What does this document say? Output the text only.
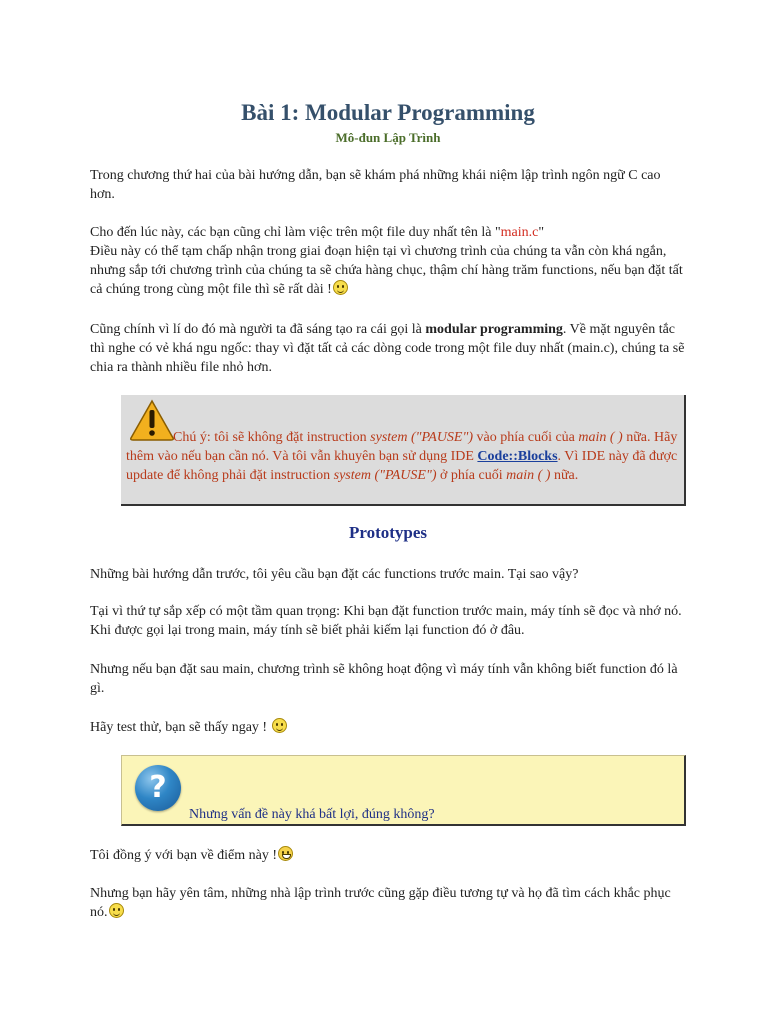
Bài 1: Modular Programming
Mô-đun Lập Trình

Trong chương thứ hai của bài hướng dẫn, bạn sẽ khám phá những khái niệm lập trình ngôn ngữ C cao hơn.

Cho đến lúc này, các bạn cũng chỉ làm việc trên một file duy nhất tên là "main.c"
Điều này có thể tạm chấp nhận trong giai đoạn hiện tại vì chương trình của chúng ta vẫn còn khá ngắn, nhưng sắp tới chương trình của chúng ta sẽ chứa hàng chục, thậm chí hàng trăm functions, nếu bạn đặt tất cả chúng trong cùng một file thì sẽ rất dài !

Cũng chính vì lí do đó mà người ta đã sáng tạo ra cái gọi là modular programming. Về mặt nguyên tắc thì nghe có vẻ khá ngu ngốc: thay vì đặt tất cả các dòng code trong một file duy nhất (main.c), chúng ta sẽ chia ra thành nhiều file nhỏ hơn.

Chú ý: tôi sẽ không đặt instruction system ("PAUSE") vào phía cuối của main ( ) nữa. Hãy thêm vào nếu bạn cần nó. Và tôi vẫn khuyên bạn sử dụng IDE Code::Blocks. Vì IDE này đã được update để không phải đặt instruction system ("PAUSE") ở phía cuối main ( ) nữa.

Prototypes

Những bài hướng dẫn trước, tôi yêu cầu bạn đặt các functions trước main. Tại sao vậy?

Tại vì thứ tự sắp xếp có một tầm quan trọng: Khi bạn đặt function trước main, máy tính sẽ đọc và nhớ nó. Khi được gọi lại trong main, máy tính sẽ biết phải kiếm lại function đó ở đâu.

Nhưng nếu bạn đặt sau main, chương trình sẽ không hoạt động vì máy tính vẫn không biết function đó là gì.

Hãy test thử, bạn sẽ thấy ngay !

?

Nhưng vấn đề này khá bất lợi, đúng không?

Tôi đồng ý với bạn về điểm này !

Nhưng bạn hãy yên tâm, những nhà lập trình trước cũng gặp điều tương tự và họ đã tìm cách khắc phục nó.
